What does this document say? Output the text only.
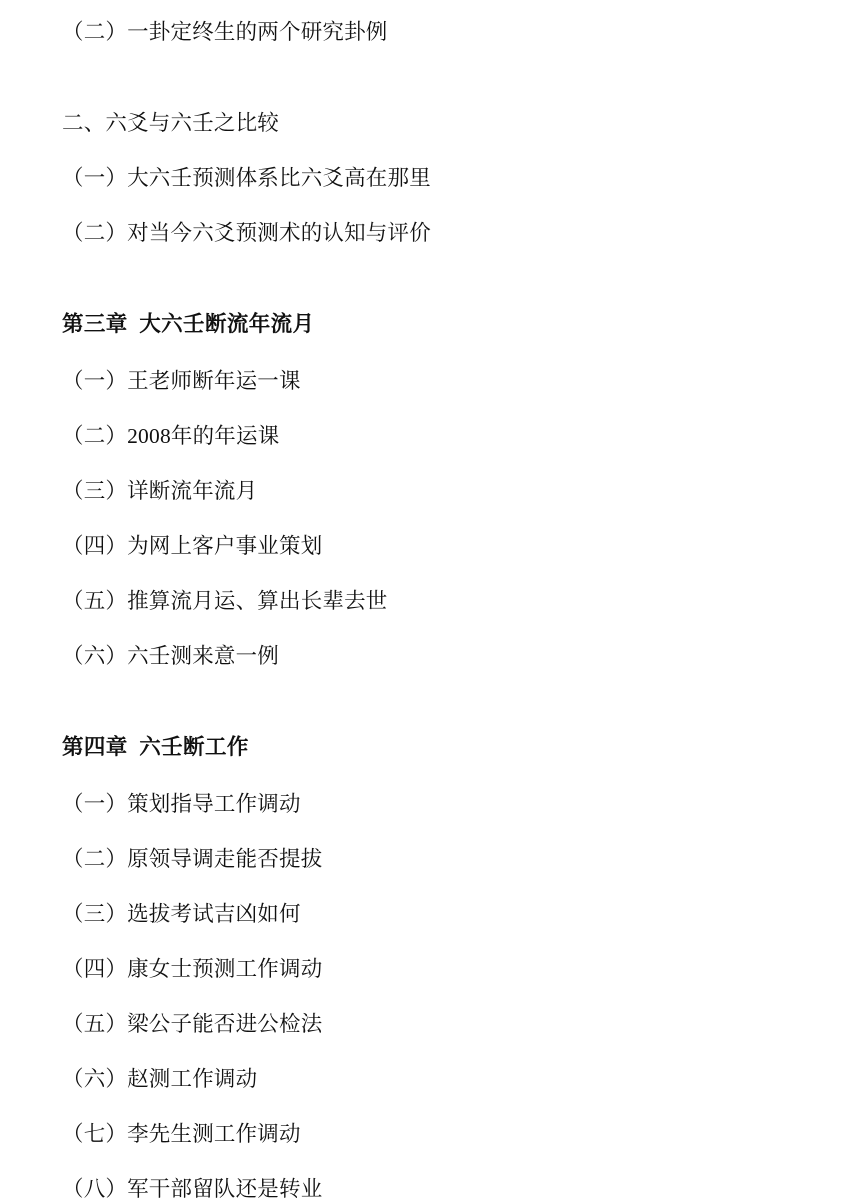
（二）一卦定终生的两个研究卦例
二、六爻与六壬之比较
（一）大六壬预测体系比六爻高在那里
（二）对当今六爻预测术的认知与评价
第三章  大六壬断流年流月
（一）王老师断年运一课
（二）2008年的年运课
（三）详断流年流月
（四）为网上客户事业策划
（五）推算流月运、算出长辈去世
（六）六壬测来意一例
第四章  六壬断工作
（一）策划指导工作调动
（二）原领导调走能否提拔
（三）选拔考试吉凶如何
（四）康女士预测工作调动
（五）梁公子能否进公检法
（六）赵测工作调动
（七）李先生测工作调动
（八）军干部留队还是转业
